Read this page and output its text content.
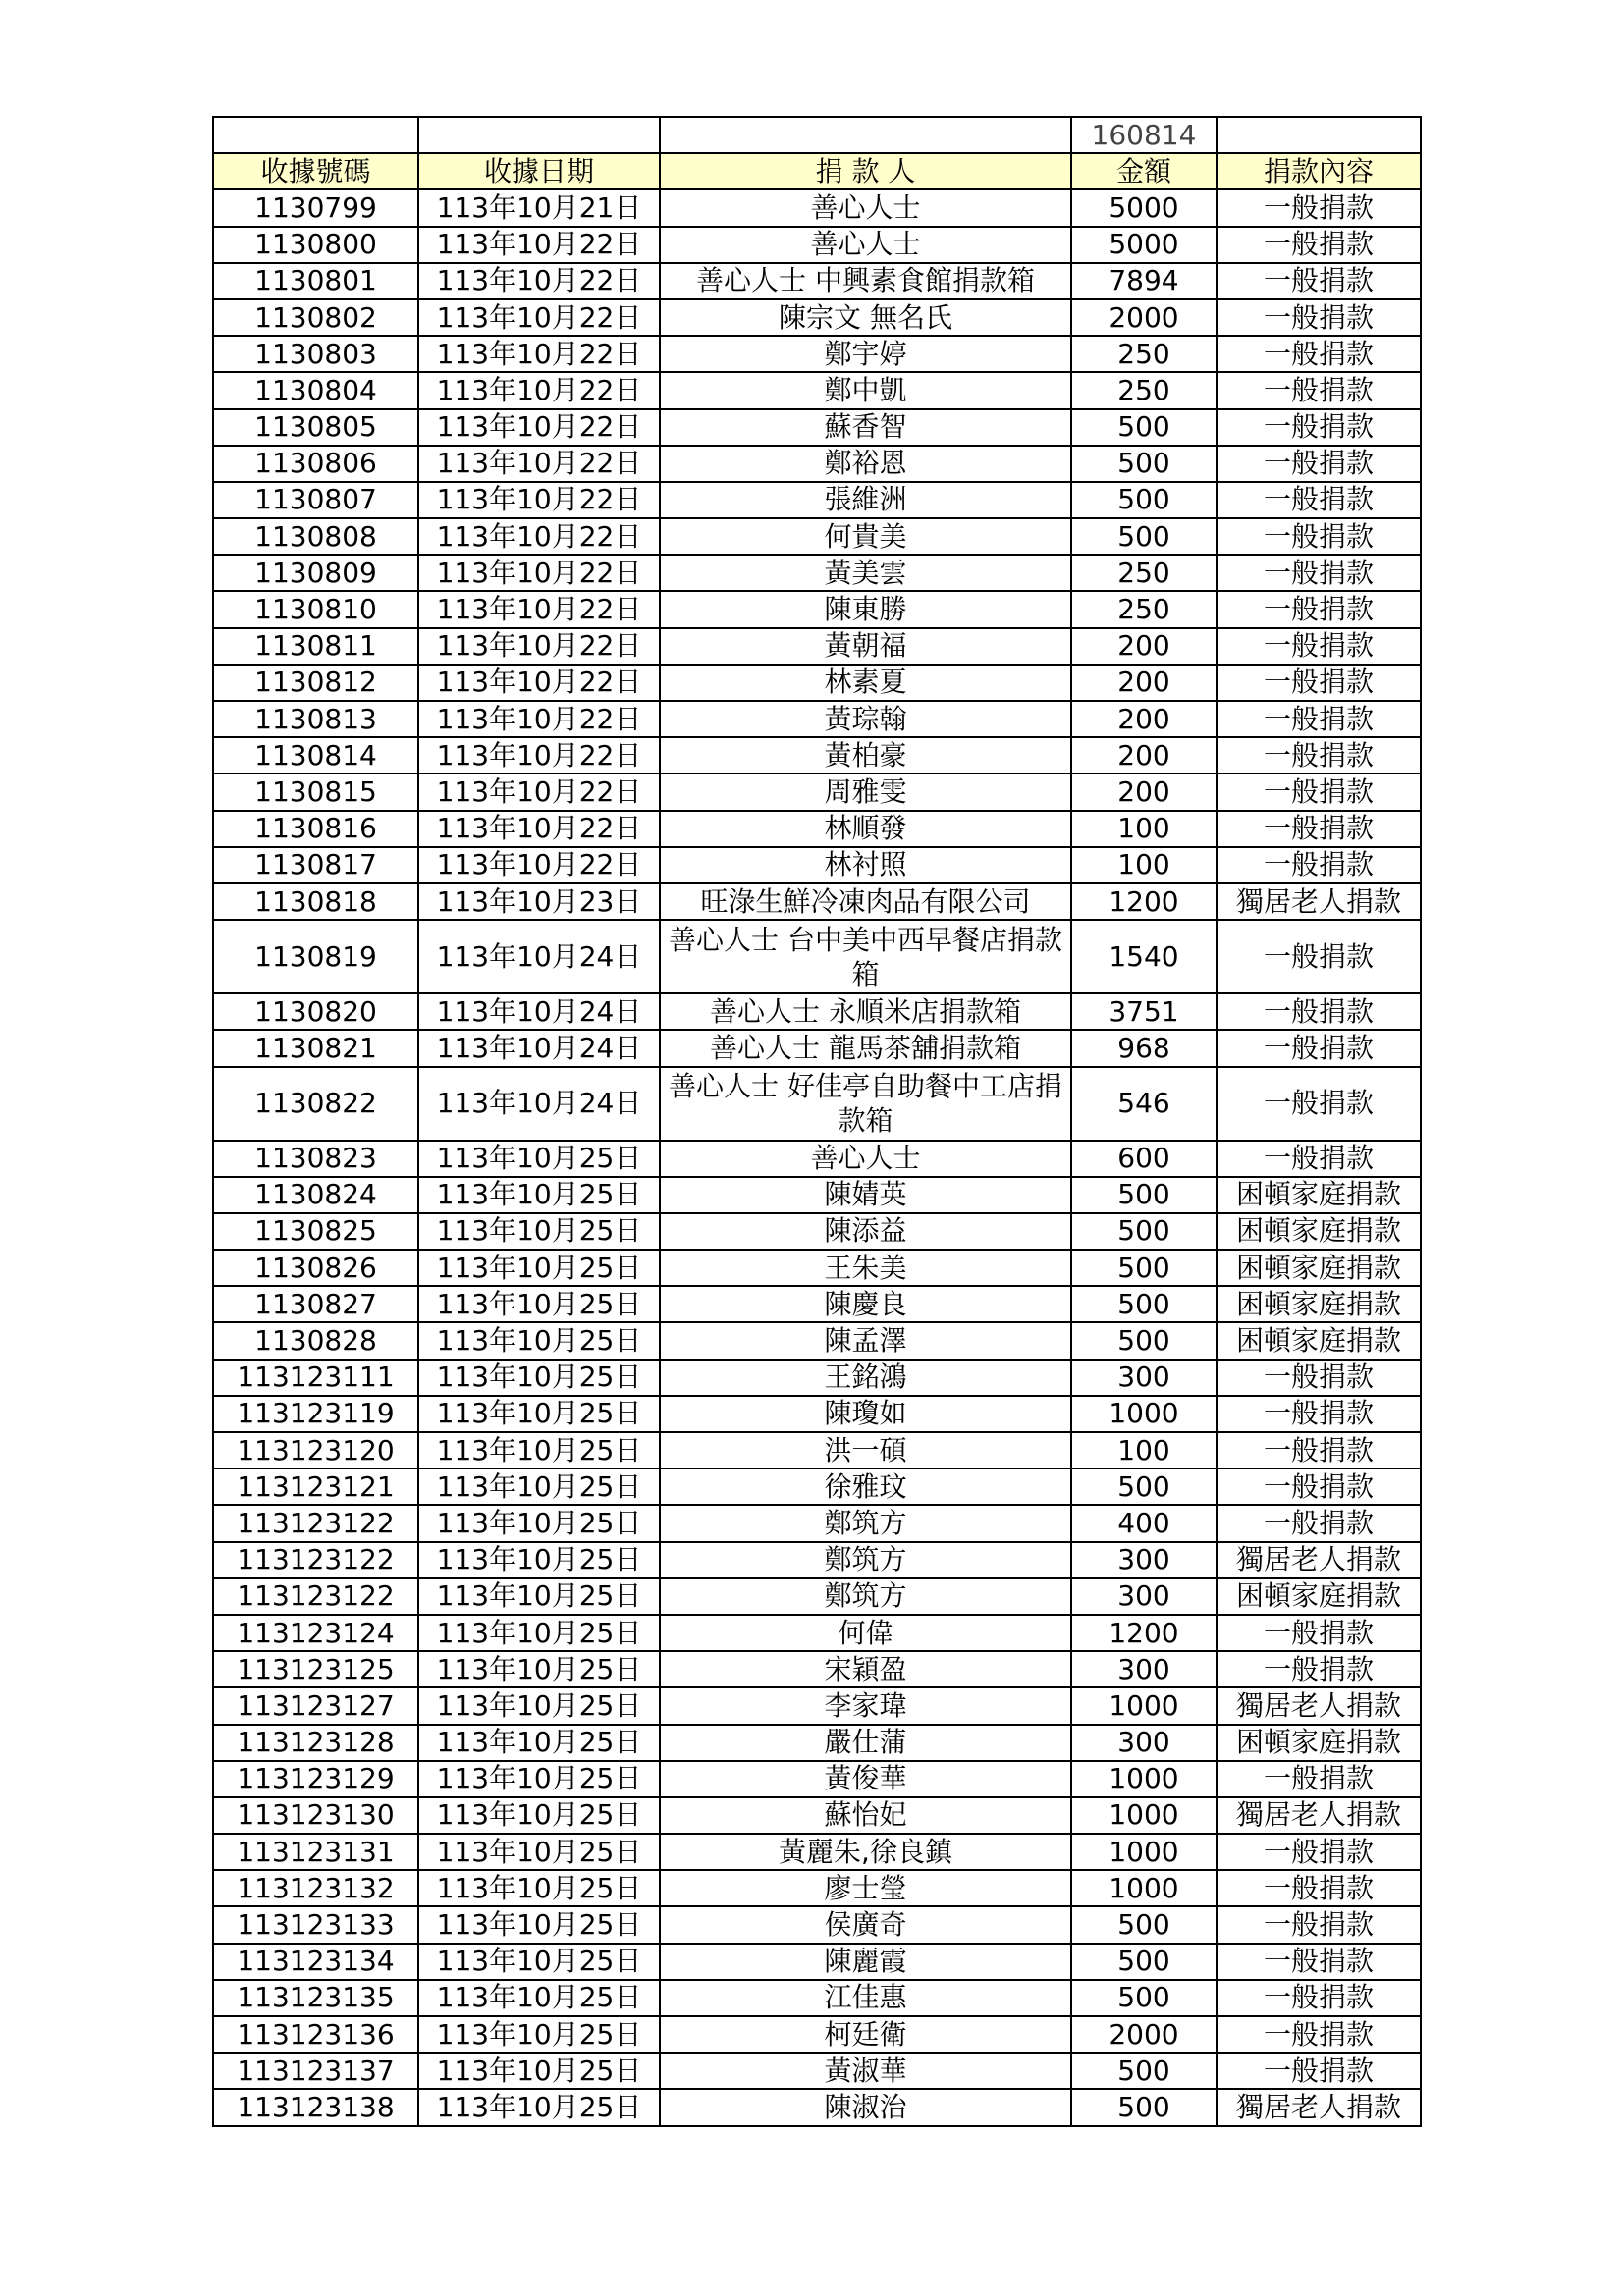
			160814	
收據號碼	收據日期	捐 款 人	金額	捐款內容
1130799	113年10月21日	善心人士	5000	一般捐款
1130800	113年10月22日	善心人士	5000	一般捐款
1130801	113年10月22日	善心人士 中興素食館捐款箱	7894	一般捐款
1130802	113年10月22日	陳宗文 無名氏	2000	一般捐款
1130803	113年10月22日	鄭宇婷	250	一般捐款
1130804	113年10月22日	鄭中凱	250	一般捐款
1130805	113年10月22日	蘇香智	500	一般捐款
1130806	113年10月22日	鄭裕恩	500	一般捐款
1130807	113年10月22日	張維洲	500	一般捐款
1130808	113年10月22日	何貴美	500	一般捐款
1130809	113年10月22日	黃美雲	250	一般捐款
1130810	113年10月22日	陳東勝	250	一般捐款
1130811	113年10月22日	黃朝福	200	一般捐款
1130812	113年10月22日	林素夏	200	一般捐款
1130813	113年10月22日	黃琮翰	200	一般捐款
1130814	113年10月22日	黃柏豪	200	一般捐款
1130815	113年10月22日	周雅雯	200	一般捐款
1130816	113年10月22日	林順發	100	一般捐款
1130817	113年10月22日	林衬照	100	一般捐款
1130818	113年10月23日	旺淥生鮮冷凍肉品有限公司	1200	獨居老人捐款
1130819	113年10月24日	善心人士 台中美中西早餐店捐款箱	1540	一般捐款
1130820	113年10月24日	善心人士 永順米店捐款箱	3751	一般捐款
1130821	113年10月24日	善心人士 龍馬茶舖捐款箱	968	一般捐款
1130822	113年10月24日	善心人士 好佳亭自助餐中工店捐款箱	546	一般捐款
1130823	113年10月25日	善心人士	600	一般捐款
1130824	113年10月25日	陳婧英	500	困頓家庭捐款
1130825	113年10月25日	陳添益	500	困頓家庭捐款
1130826	113年10月25日	王朱美	500	困頓家庭捐款
1130827	113年10月25日	陳慶良	500	困頓家庭捐款
1130828	113年10月25日	陳孟澤	500	困頓家庭捐款
113123111	113年10月25日	王銘鴻	300	一般捐款
113123119	113年10月25日	陳瓊如	1000	一般捐款
113123120	113年10月25日	洪一碩	100	一般捐款
113123121	113年10月25日	徐雅玟	500	一般捐款
113123122	113年10月25日	鄭筑方	400	一般捐款
113123122	113年10月25日	鄭筑方	300	獨居老人捐款
113123122	113年10月25日	鄭筑方	300	困頓家庭捐款
113123124	113年10月25日	何偉	1200	一般捐款
113123125	113年10月25日	宋穎盈	300	一般捐款
113123127	113年10月25日	李家瑋	1000	獨居老人捐款
113123128	113年10月25日	嚴仕蒲	300	困頓家庭捐款
113123129	113年10月25日	黃俊華	1000	一般捐款
113123130	113年10月25日	蘇怡妃	1000	獨居老人捐款
113123131	113年10月25日	黃麗朱,徐良鎮	1000	一般捐款
113123132	113年10月25日	廖士瑩	1000	一般捐款
113123133	113年10月25日	侯廣奇	500	一般捐款
113123134	113年10月25日	陳麗霞	500	一般捐款
113123135	113年10月25日	江佳惠	500	一般捐款
113123136	113年10月25日	柯廷衛	2000	一般捐款
113123137	113年10月25日	黃淑華	500	一般捐款
113123138	113年10月25日	陳淑治	500	獨居老人捐款
